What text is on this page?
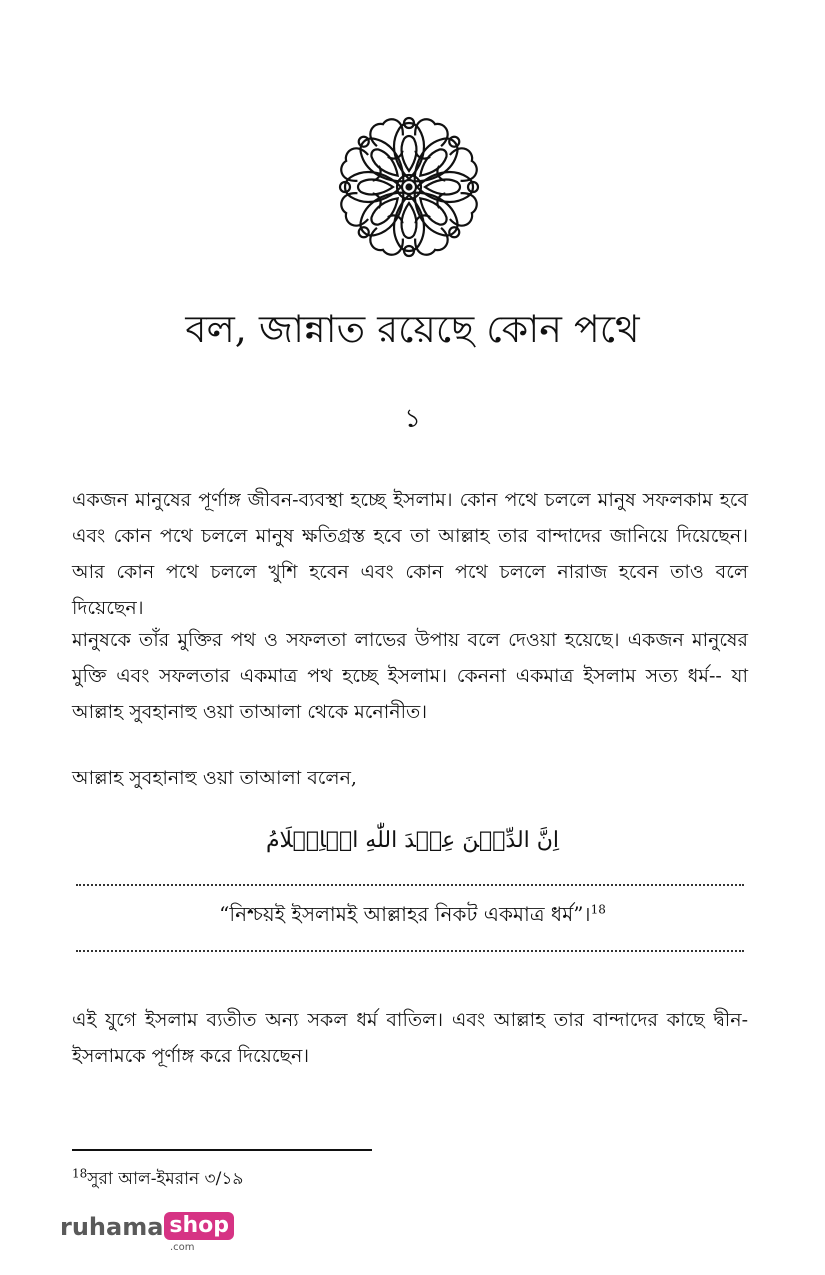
বল, জান্নাত রয়েছে কোন পথে
১

একজন মানুষের পূর্ণাঙ্গ জীবন-ব্যবস্থা হচ্ছে ইসলাম। কোন পথে চললে মানুষ সফলকাম হবে এবং কোন পথে চললে মানুষ ক্ষতিগ্রস্ত হবে তা আল্লাহ তার বান্দাদের জানিয়ে দিয়েছেন। আর কোন পথে চললে খুশি হবেন এবং কোন পথে চললে নারাজ হবেন তাও বলে দিয়েছেন।

মানুষকে তাঁর মুক্তির পথ ও সফলতা লাভের উপায় বলে দেওয়া হয়েছে। একজন মানুষের মুক্তি এবং সফলতার একমাত্র পথ হচ্ছে ইসলাম। কেননা একমাত্র ইসলাম সত্য ধর্ম-- যা আল্লাহ সুবহানাহু ওয়া তাআলা থেকে মনোনীত।

আল্লাহ সুবহানাহু ওয়া তাআলা বলেন,

اِنَّ الدِّيۡنَ عِنۡدَ اللّٰهِ الۡاِسۡلَامُ
“নিশ্চয়ই ইসলামই আল্লাহর নিকট একমাত্র ধর্ম”।$^{18}$

এই যুগে ইসলাম ব্যতীত অন্য সকল ধর্ম বাতিল। এবং আল্লাহ তার বান্দাদের কাছে দ্বীন-ইসলামকে পূর্ণাঙ্গ করে দিয়েছেন।

$^{18}$সুরা আল-ইমরান ৩/১৯
ruhama shop
.com
